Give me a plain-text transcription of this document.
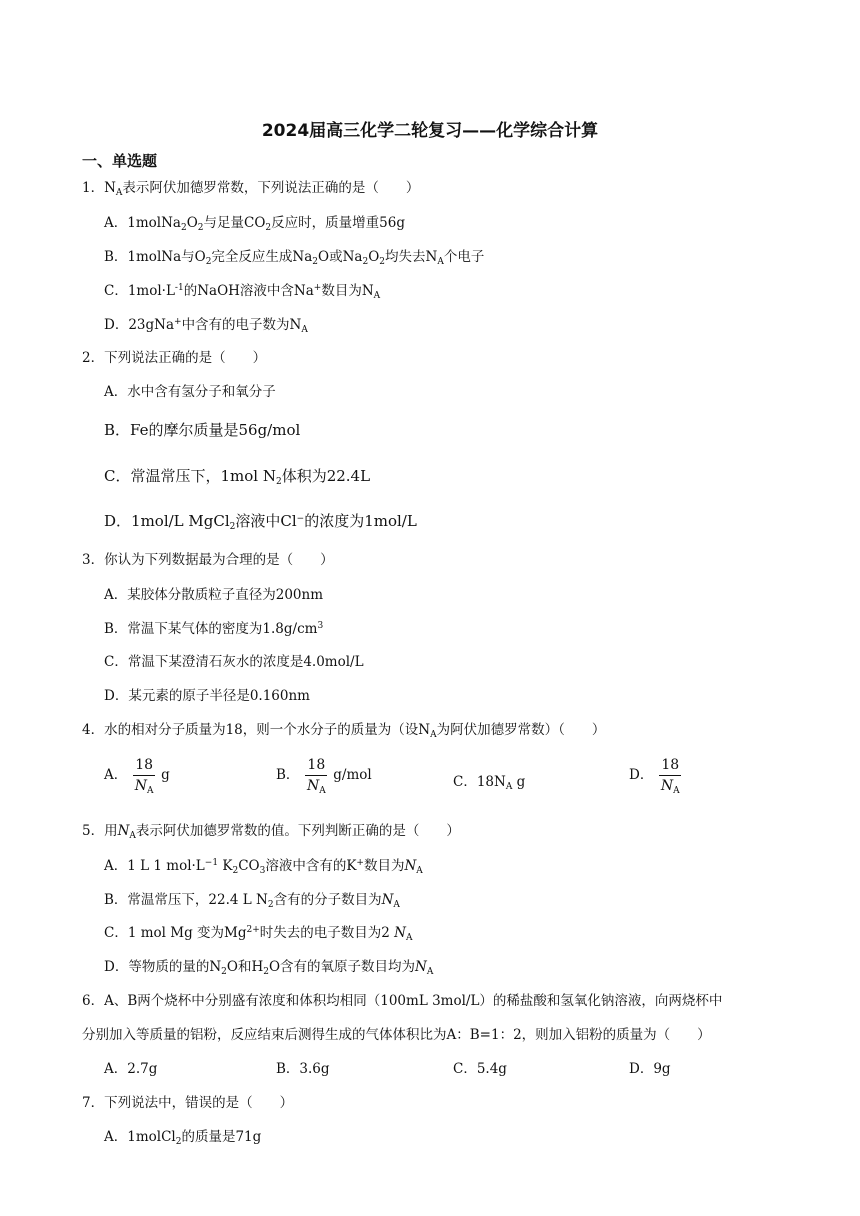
2024届高三化学二轮复习——化学综合计算
一、单选题
1．$N_A$表示阿伏加德罗常数，下列说法正确的是（　　）
A．$1molNa_2O_2$与足量$CO_2$反应时，质量增重56g
B．1molNa与$O_2$完全反应生成$Na_2O$或$Na_2O_2$均失去$N_A$个电子
C．$1mol\cdot L^{-1}$的NaOH溶液中含Na+数目为$N_A$
D．23gNa+中含有的电子数为$N_A$
2．下列说法正确的是（　　）
A．水中含有氢分子和氧分子
B．Fe的摩尔质量是56g/mol
C．常温常压下，1mol $N_2$体积为22.4L
D．1mol/L MgCl$_2$溶液中Cl−的浓度为1mol/L
3．你认为下列数据最为合理的是（　　）
A．某胶体分散质粒子直径为200nm
B．常温下某气体的密度为$1.8g/cm^3$
C．常温下某澄清石灰水的浓度是4.0mol/L
D．某元素的原子半径是0.160nm
4．水的相对分子质量为18，则一个水分子的质量为（设$N_A$为阿伏加德罗常数）（　　）
A． $\frac{18}{N_A}$ g	B． $\frac{18}{N_A} g/mol$	C．$18N_A$ g	D． $\frac{18}{N_A}$
5．用$N_A$表示阿伏加德罗常数的值。下列判断正确的是（　　）
A．1 L 1 $mol\cdot L^{-1}$ $K_2CO_3$溶液中含有的K+数目为$N_A$
B．常温常压下，22.4 L $N_2$含有的分子数目为$N_A$
C．1 mol Mg 变为$Mg^{2+}$时失去的电子数目为2 $N_A$
D．等物质的量的$N_2O$和$H_2O$含有的氧原子数目均为$N_A$
6．A、B两个烧杯中分别盛有浓度和体积均相同（100mL 3mol/L）的稀盐酸和氢氧化钠溶液，向两烧杯中
分别加入等质量的铝粉，反应结束后测得生成的气体体积比为A：B=1：2，则加入铝粉的质量为（　　）
A．2.7g	B．3.6g	C．5.4g	D．9g
7．下列说法中，错误的是（　　）
A．1molCl$_2$的质量是71g
